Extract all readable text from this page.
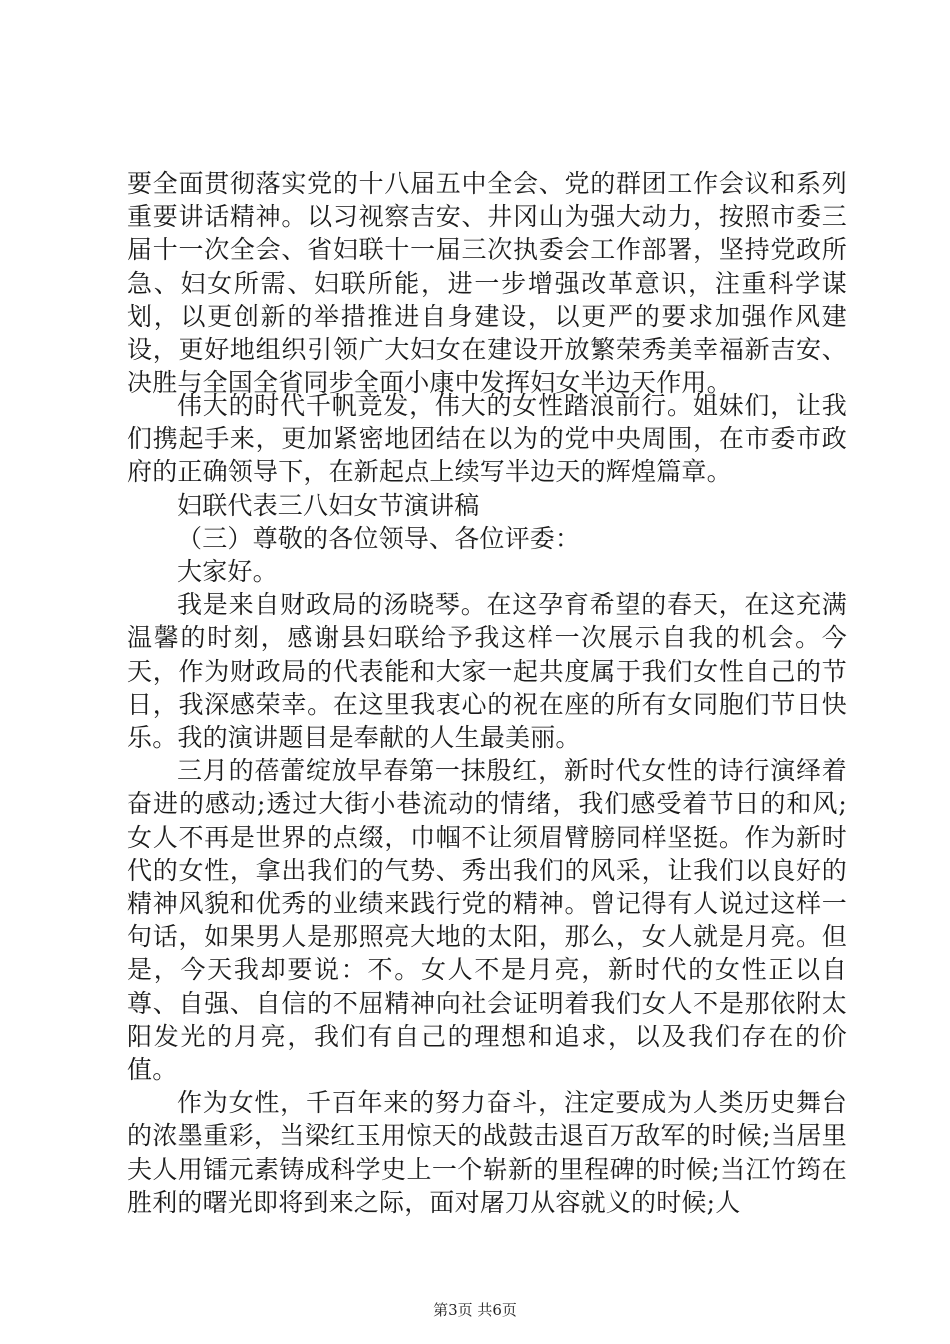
要全面贯彻落实党的十八届五中全会、党的群团工作会议和系列重要讲话精神。以习视察吉安、井冈山为强大动力，按照市委三届十一次全会、省妇联十一届三次执委会工作部署，坚持党政所急、妇女所需、妇联所能，进一步增强改革意识，注重科学谋划，以更创新的举措推进自身建设，以更严的要求加强作风建设，更好地组织引领广大妇女在建设开放繁荣秀美幸福新吉安、决胜与全国全省同步全面小康中发挥妇女半边天作用。

伟大的时代千帆竞发，伟大的女性踏浪前行。姐妹们，让我们携起手来，更加紧密地团结在以为的党中央周围，在市委市政府的正确领导下，在新起点上续写半边天的辉煌篇章。

妇联代表三八妇女节演讲稿

（三）尊敬的各位领导、各位评委：

大家好。

我是来自财政局的汤晓琴。在这孕育希望的春天，在这充满温馨的时刻，感谢县妇联给予我这样一次展示自我的机会。今天，作为财政局的代表能和大家一起共度属于我们女性自己的节日，我深感荣幸。在这里我衷心的祝在座的所有女同胞们节日快乐。我的演讲题目是奉献的人生最美丽。

三月的蓓蕾绽放早春第一抹殷红，新时代女性的诗行演绎着奋进的感动;透过大街小巷流动的情绪，我们感受着节日的和风;女人不再是世界的点缀，巾帼不让须眉臂膀同样坚挺。作为新时代的女性，拿出我们的气势、秀出我们的风采，让我们以良好的精神风貌和优秀的业绩来践行党的精神。曾记得有人说过这样一句话，如果男人是那照亮大地的太阳，那么，女人就是月亮。但是，今天我却要说：不。女人不是月亮，新时代的女性正以自尊、自强、自信的不屈精神向社会证明着我们女人不是那依附太阳发光的月亮，我们有自己的理想和追求，以及我们存在的价值。

作为女性，千百年来的努力奋斗，注定要成为人类历史舞台的浓墨重彩，当梁红玉用惊天的战鼓击退百万敌军的时候;当居里夫人用镭元素铸成科学史上一个崭新的里程碑的时候;当江竹筠在胜利的曙光即将到来之际，面对屠刀从容就义的时候;人

第3页 共6页
